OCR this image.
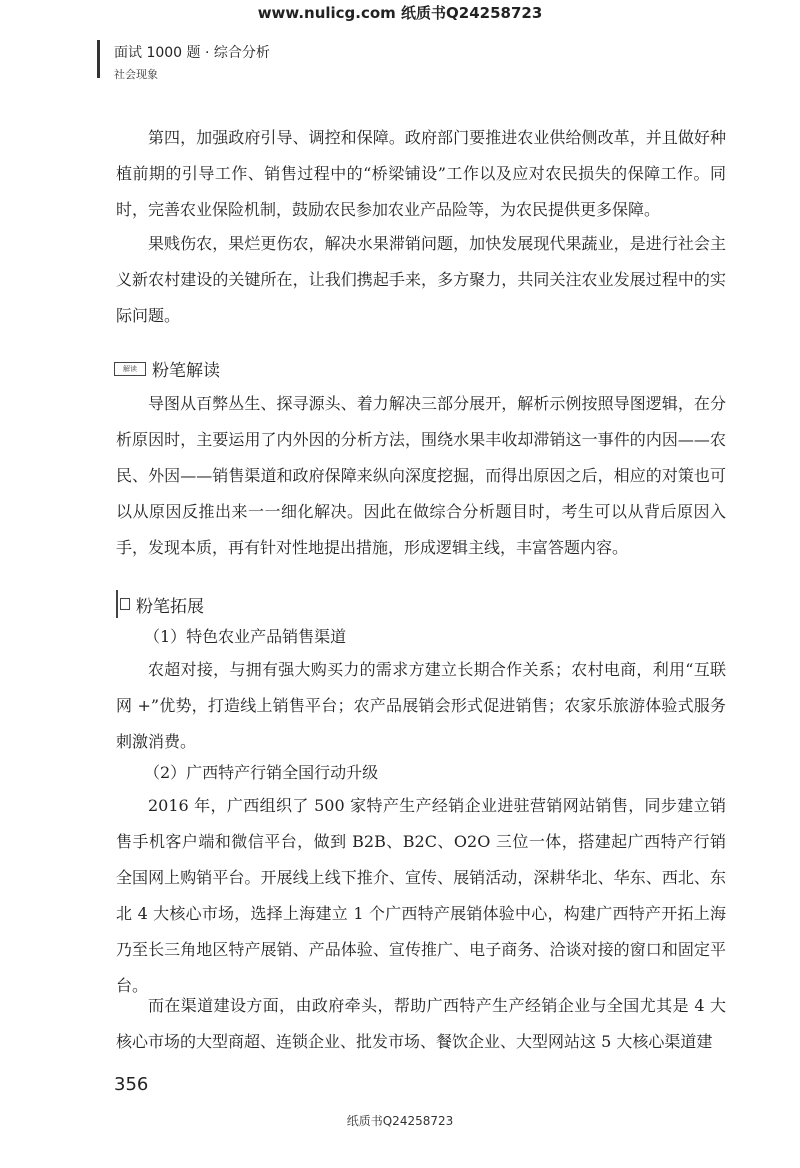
www.nulicg.com 纸质书Q24258723
面试 1000 题 · 综合分析
社会现象
第四，加强政府引导、调控和保障。政府部门要推进农业供给侧改革，并且做好种植前期的引导工作、销售过程中的“桥梁铺设”工作以及应对农民损失的保障工作。同时，完善农业保险机制，鼓励农民参加农业产品险等，为农民提供更多保障。
果贱伤农，果烂更伤农，解决水果滞销问题，加快发展现代果蔬业，是进行社会主义新农村建设的关键所在，让我们携起手来，多方聚力，共同关注农业发展过程中的实际问题。
解读 粉笔解读
导图从百弊丛生、探寻源头、着力解决三部分展开，解析示例按照导图逻辑，在分析原因时，主要运用了内外因的分析方法，围绕水果丰收却滞销这一事件的内因——农民、外因——销售渠道和政府保障来纵向深度挖掘，而得出原因之后，相应的对策也可以从原因反推出来一一细化解决。因此在做综合分析题目时，考生可以从背后原因入手，发现本质，再有针对性地提出措施，形成逻辑主线，丰富答题内容。
粉笔拓展
（1）特色农业产品销售渠道
农超对接，与拥有强大购买力的需求方建立长期合作关系；农村电商，利用“互联网 +”优势，打造线上销售平台；农产品展销会形式促进销售；农家乐旅游体验式服务刺激消费。
（2）广西特产行销全国行动升级
2016 年，广西组织了 500 家特产生产经销企业进驻营销网站销售，同步建立销售手机客户端和微信平台，做到 B2B、B2C、O2O 三位一体，搭建起广西特产行销全国网上购销平台。开展线上线下推介、宣传、展销活动，深耕华北、华东、西北、东北 4 大核心市场，选择上海建立 1 个广西特产展销体验中心，构建广西特产开拓上海乃至长三角地区特产展销、产品体验、宣传推广、电子商务、洽谈对接的窗口和固定平台。
而在渠道建设方面，由政府牵头，帮助广西特产生产经销企业与全国尤其是 4 大核心市场的大型商超、连锁企业、批发市场、餐饮企业、大型网站这 5 大核心渠道建
356
纸质书Q24258723
